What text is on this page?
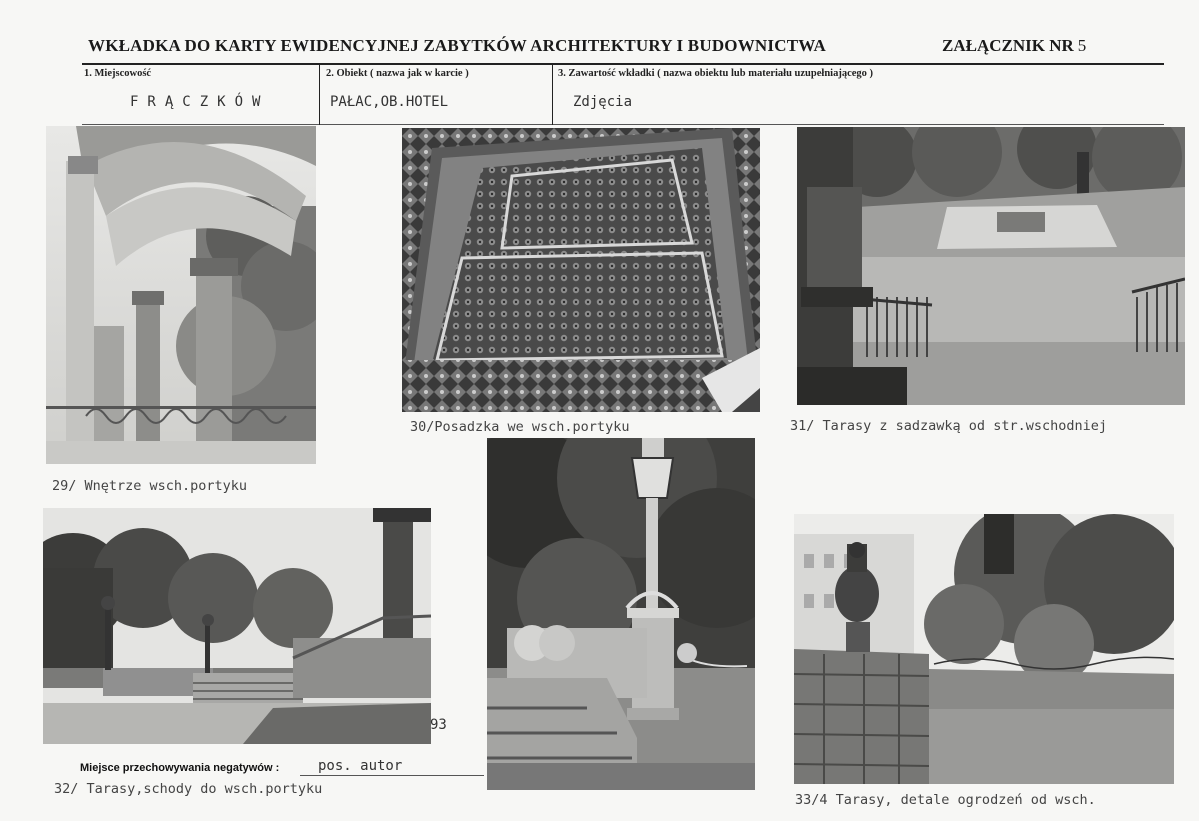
WKŁADKA DO KARTY EWIDENCYJNEJ ZABYTKÓW ARCHITEKTURY I BUDOWNICTWA	ZAŁĄCZNIK NR 5
1. Miejscowość
FRĄCZKÓW
2. Obiekt ( nazwa jak w karcie )
PAŁAC,OB.HOTEL
3. Zawartość wkładki ( nazwa obiektu lub materiału uzupełniającego )
Zdjęcia
29/ Wnętrze wsch.portyku
30/Posadzka we wsch.portyku	31/ Tarasy z sadzawką od str.wschodniej
Miejsce przechowywania negatywów :	pos. autor
32/ Tarasy,schody do wsch.portyku
93
33/4 Tarasy, detale ogrodzeń od wsch.
